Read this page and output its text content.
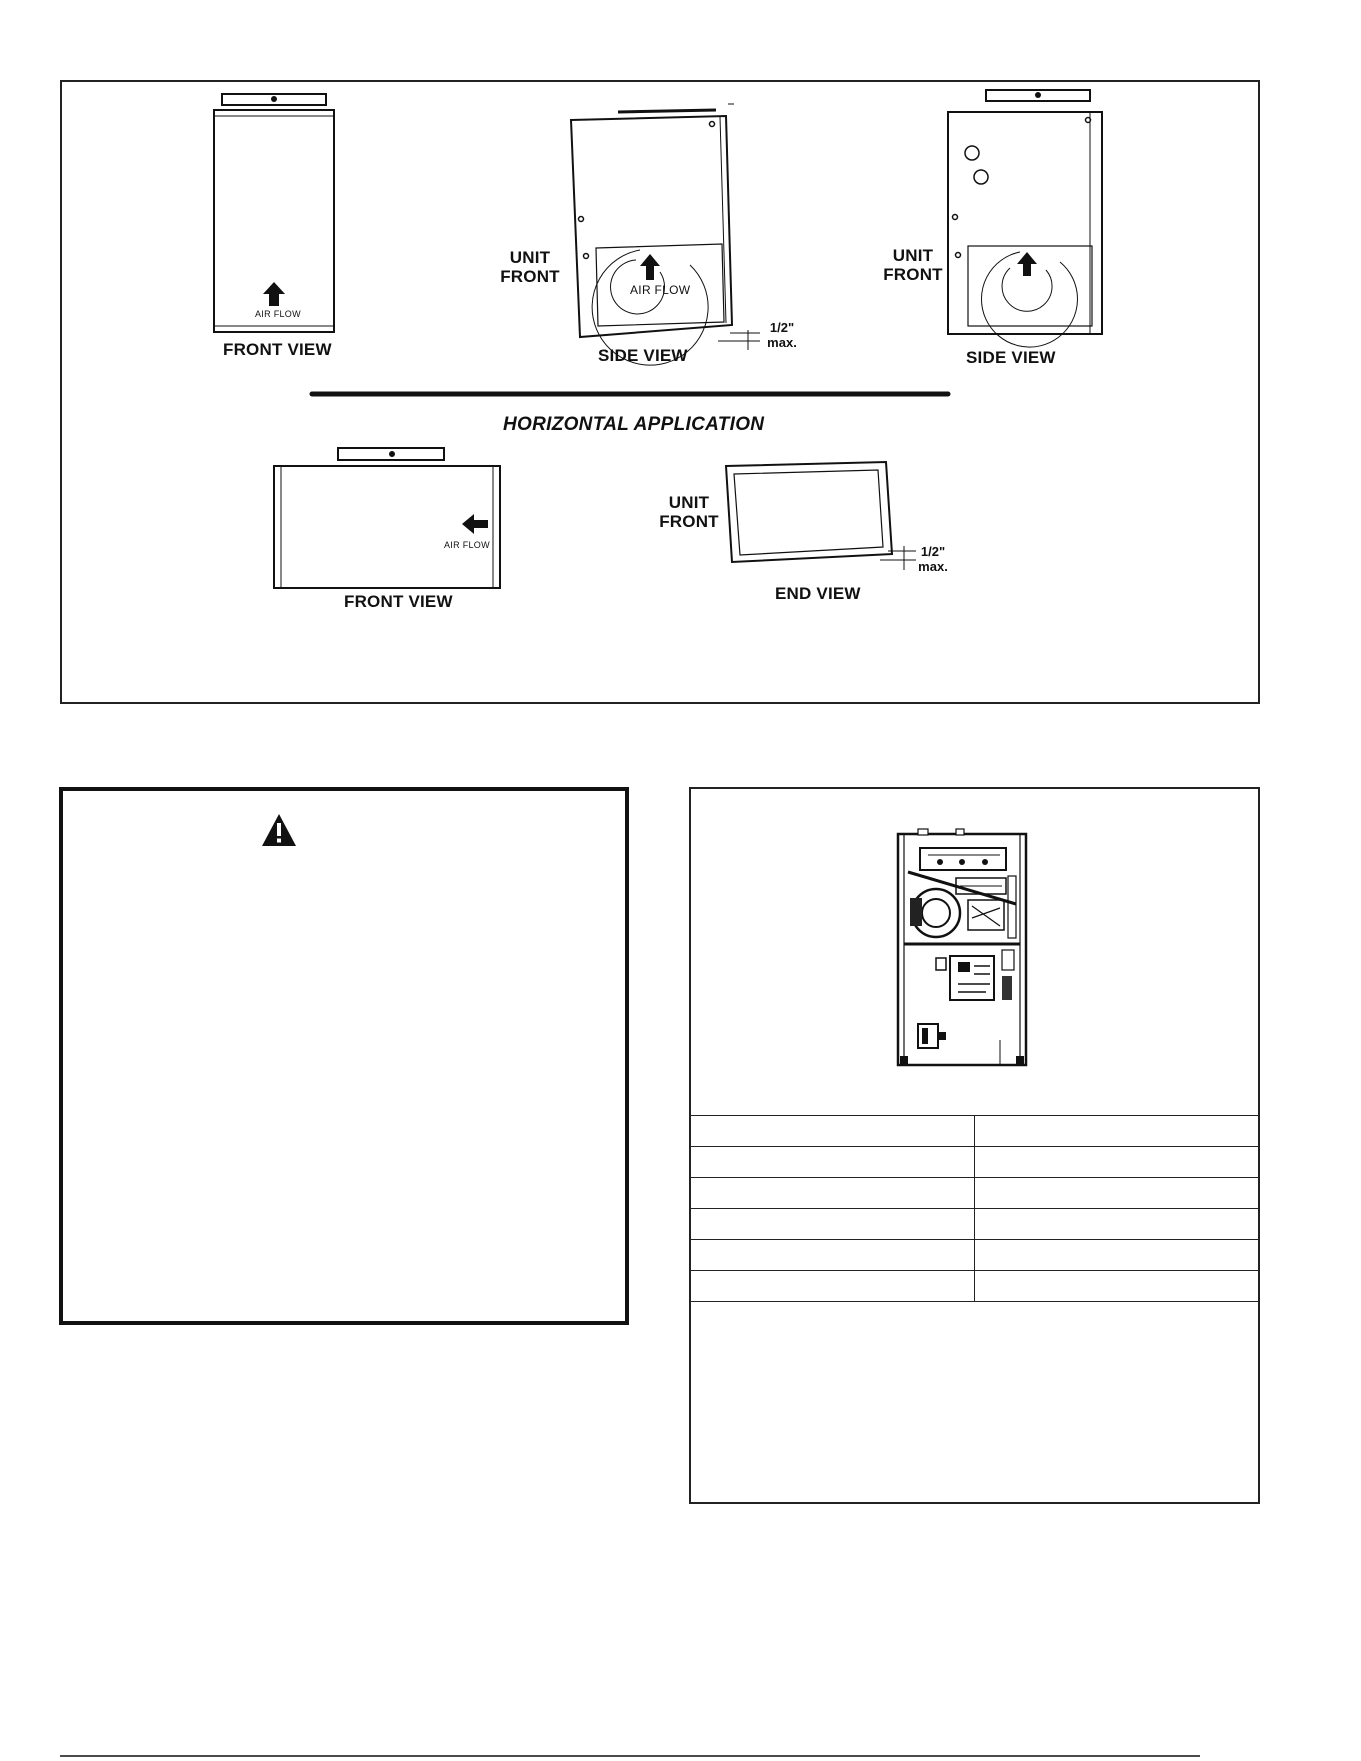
AIR FLOW
FRONT VIEW
AIR FLOW
UNIT
FRONT
1/2"
max.
SIDE VIEW
UNIT
FRONT
SIDE VIEW
HORIZONTAL APPLICATION
AIR FLOW
FRONT VIEW
UNIT
FRONT
1/2"
max.
END VIEW
